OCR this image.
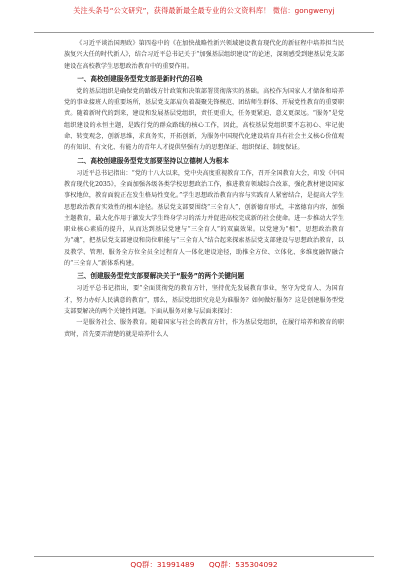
关注头条号“公文研究”，获得最新最全最专业的公文资料库！ 微信：gongwenyj

《习近平谈治国理政》第四卷中的《在加快战略性新兴领域建设教育现代化的新征程中培养担当民族复兴大任的时代新人》，结合习近平总书记关于“加强基层组织建设”的论述，深刻感受到建基层党支部建设在高校教学生思想政治教育中的重要作用。

一、高校创建服务型党支部是新时代的召唤

党的基层组织是确保党的路线方针政策和决策部署贯彻落实的基础。高校作为国家人才储备和培养党的事业接班人的重要场所，基层党支部肩负着凝聚先锋模范、团结师生群体、开展党性教育的重要职责。随着新时代的到来，建设和发展基层党组织，责任更重大，任务更紧迫、意义更深远。“服务”是党组织建设的永恒主题，是践行党的群众路线的核心工作，因此，高校基层党组织要不忘初心、牢记使命、转变观念，创新思维，求真务实，开拓创新，为服务中国现代化建设培育具有社会主义核心价值观的有知识、有文化、有能力的青年人才提供坚强有力的思想保证、组织保证、制度保证。

二、高校创建服务型党支部要坚持以立德树人为根本

习近平总书记指出：“党的十八大以来，党中央高度重视教育工作，召开全国教育大会，印发《中国教育现代化2035》，全面加强各级各类学校思想政治工作，推进教育领域综合改革，强化教材建设国家事权地位，教育面貌正在发生格局性变化。”学生思想政治教育内容与实践育人紧密结合，是提高大学生思想政治教育实效性的根本途径。基层党支部要围绕“三全育人”，创新德育形式，丰富德育内容，加强主题教育，最大化作用于激发大学生终身学习的活力并促进高校完成新的社会使命。进一步推动大学生职业核心素质的提升，从而达到基层党建与“三全育人”的双赢效果。以党建为“根”，思想政治教育为“魂”，把基层党支部建设和岗位职能与“三全育人”结合起来探索基层党支部建设与思想政治教育，以及教学、管理、服务全方位全员全过程育人一体化建设途径，助推全方位、立体化、多维度融智融合的“三全育人”新体系构建。

三、创建服务型党支部要解决关于“服务”的两个关键问题

习近平总书记指出，要“全面贯彻党的教育方针，坚持优先发展教育事业，坚守为党育人、为国育才，努力办好人民满意的教育”，那么，基层党组织究竟是为谁服务？如何做好服务？这是创建服务型党支部要解决的两个关键性问题。下面从服务对象与层面来探讨：

一是服务社会、服务教育。随着国家与社会的教育方针，作为基层党组织，在履行培养和教育的职责时，首先要弄清楚的就是培养什么人

QQ群：31991489 QQ群：535304092
